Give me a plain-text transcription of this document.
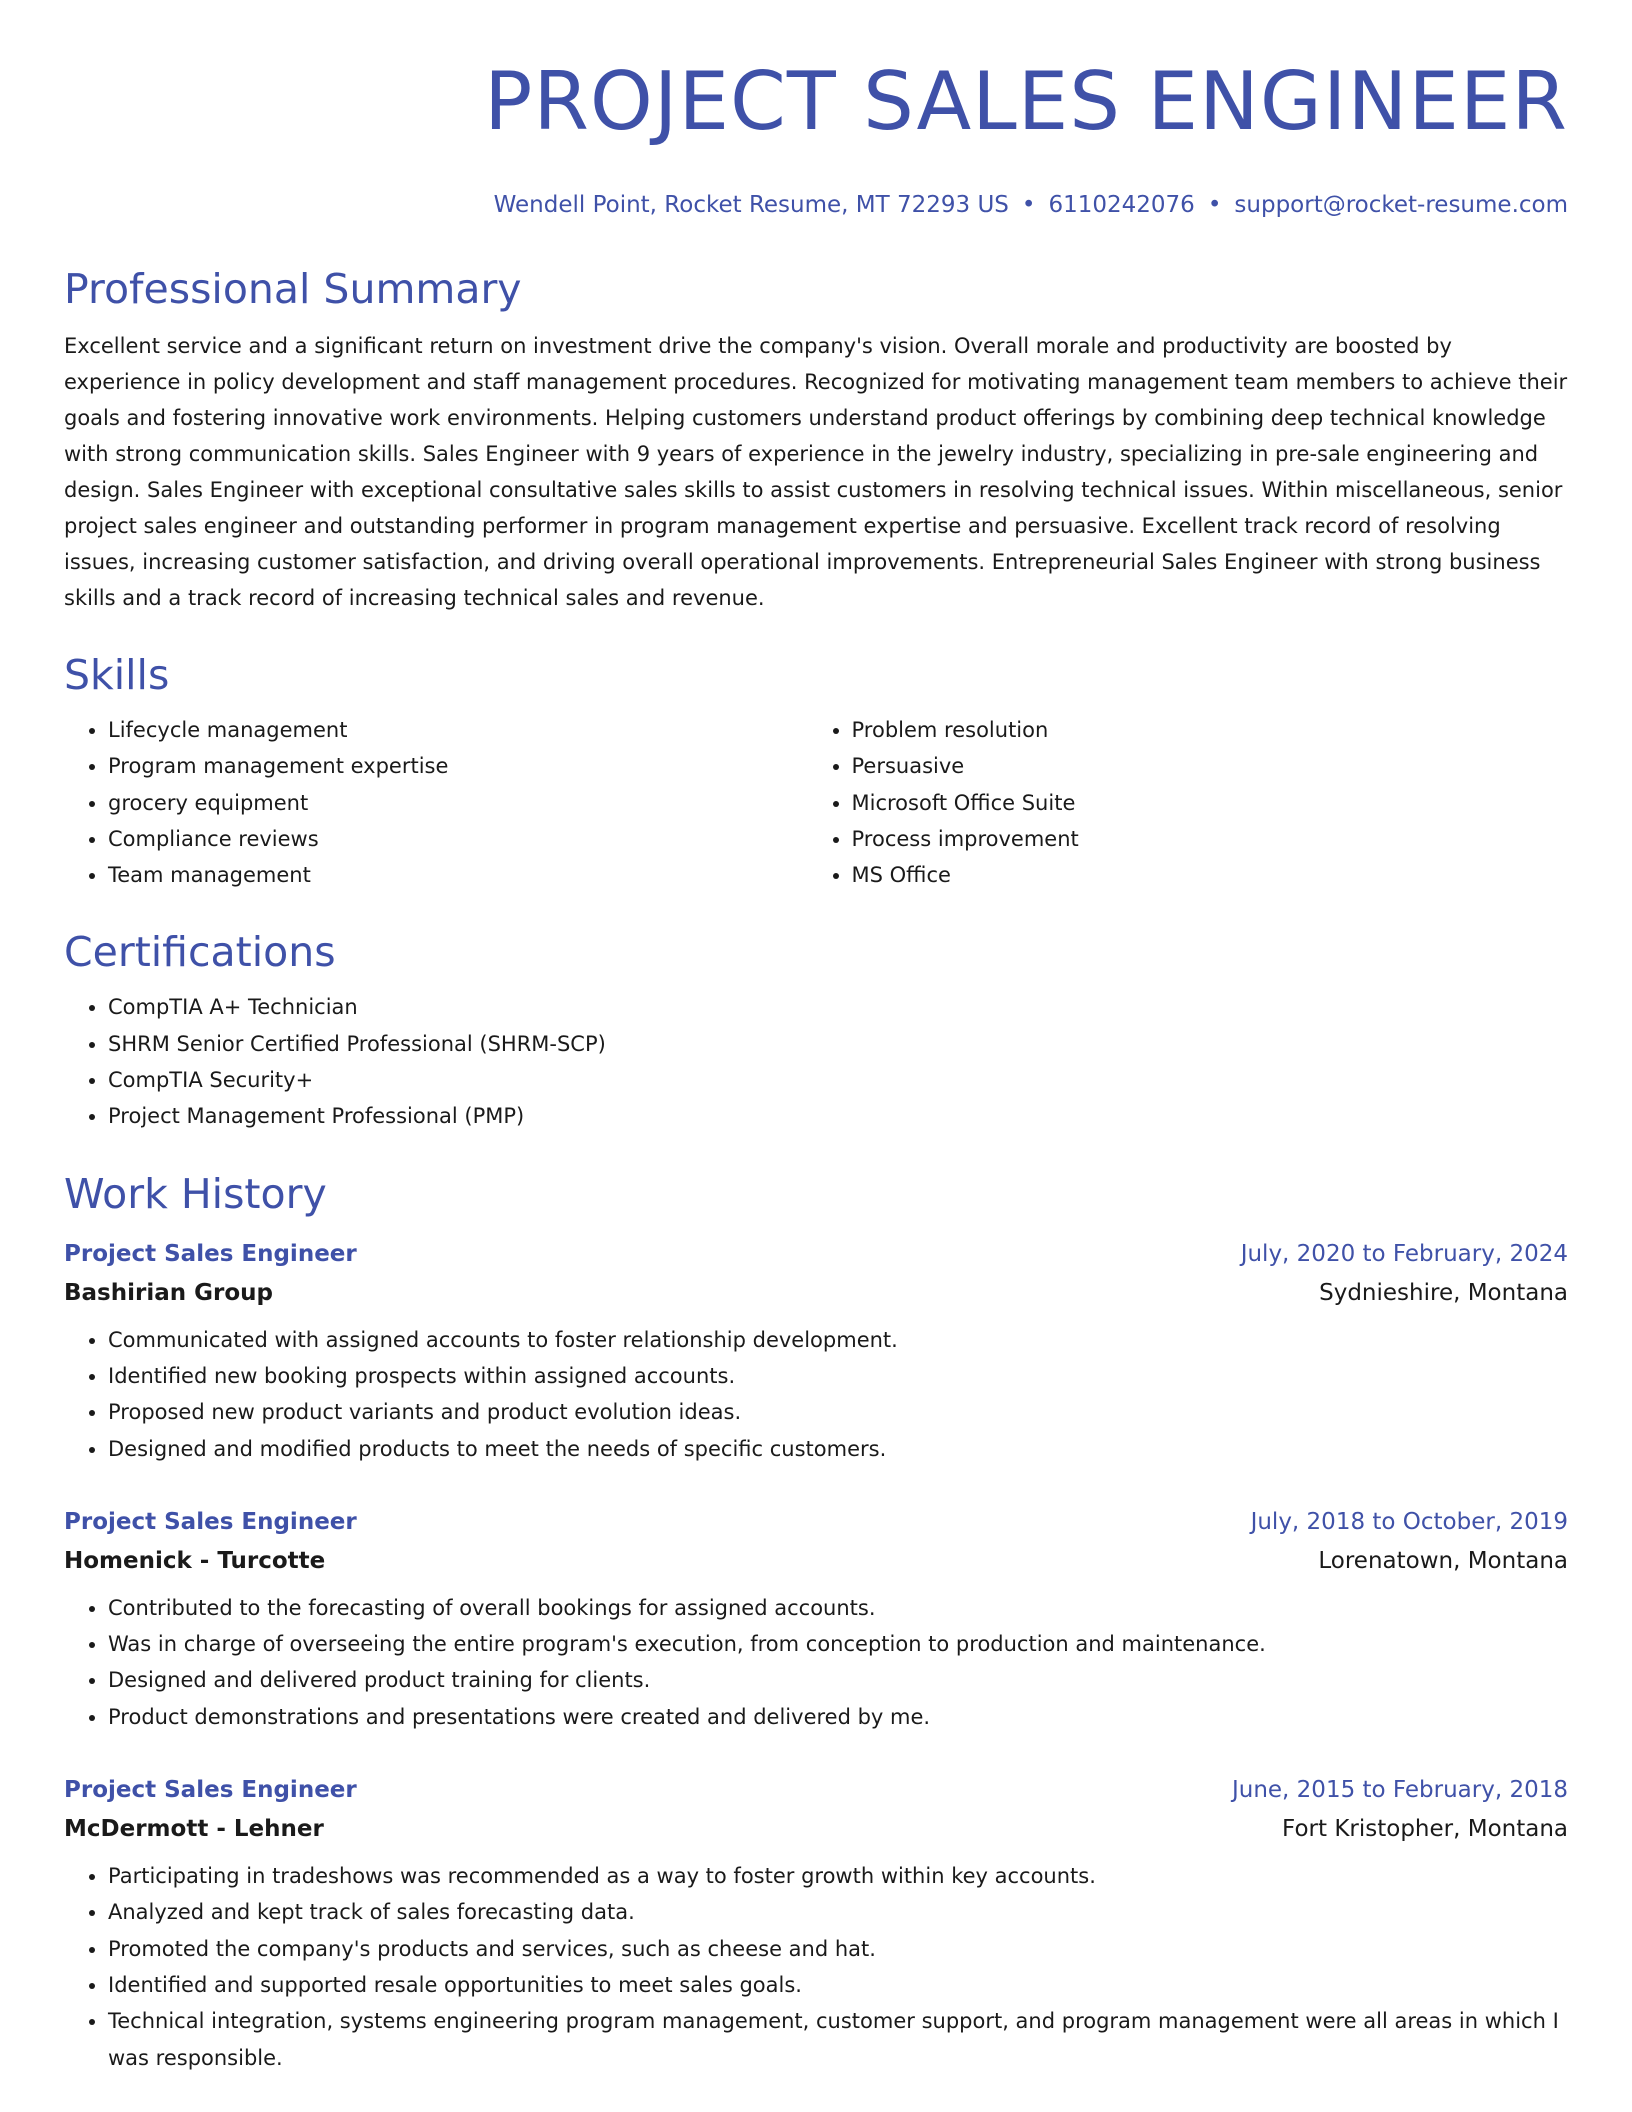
PROJECT SALES ENGINEER
Wendell Point, Rocket Resume, MT 72293 US • 6110242076 • support@rocket-resume.com
Professional Summary

Excellent service and a significant return on investment drive the company's vision. Overall morale and productivity are boosted by experience in policy development and staff management procedures. Recognized for motivating management team members to achieve their goals and fostering innovative work environments. Helping customers understand product offerings by combining deep technical knowledge with strong communication skills. Sales Engineer with 9 years of experience in the jewelry industry, specializing in pre-sale engineering and design. Sales Engineer with exceptional consultative sales skills to assist customers in resolving technical issues. Within miscellaneous, senior project sales engineer and outstanding performer in program management expertise and persuasive. Excellent track record of resolving issues, increasing customer satisfaction, and driving overall operational improvements. Entrepreneurial Sales Engineer with strong business skills and a track record of increasing technical sales and revenue.

Skills
• Lifecycle management
• Program management expertise
• grocery equipment
• Compliance reviews
• Team management
• Problem resolution
• Persuasive
• Microsoft Office Suite
• Process improvement
• MS Office
Certifications
• CompTIA A+ Technician
• SHRM Senior Certified Professional (SHRM-SCP)
• CompTIA Security+
• Project Management Professional (PMP)
Work History
Project Sales Engineer	July, 2020 to February, 2024
Bashirian Group	Sydnieshire, Montana
• Communicated with assigned accounts to foster relationship development.
• Identified new booking prospects within assigned accounts.
• Proposed new product variants and product evolution ideas.
• Designed and modified products to meet the needs of specific customers.
Project Sales Engineer	July, 2018 to October, 2019
Homenick - Turcotte	Lorenatown, Montana
• Contributed to the forecasting of overall bookings for assigned accounts.
• Was in charge of overseeing the entire program's execution, from conception to production and maintenance.
• Designed and delivered product training for clients.
• Product demonstrations and presentations were created and delivered by me.
Project Sales Engineer	June, 2015 to February, 2018
McDermott - Lehner	Fort Kristopher, Montana
• Participating in tradeshows was recommended as a way to foster growth within key accounts.
• Analyzed and kept track of sales forecasting data.
• Promoted the company's products and services, such as cheese and hat.
• Identified and supported resale opportunities to meet sales goals.
• Technical integration, systems engineering program management, customer support, and program management were all areas in which I was responsible.
